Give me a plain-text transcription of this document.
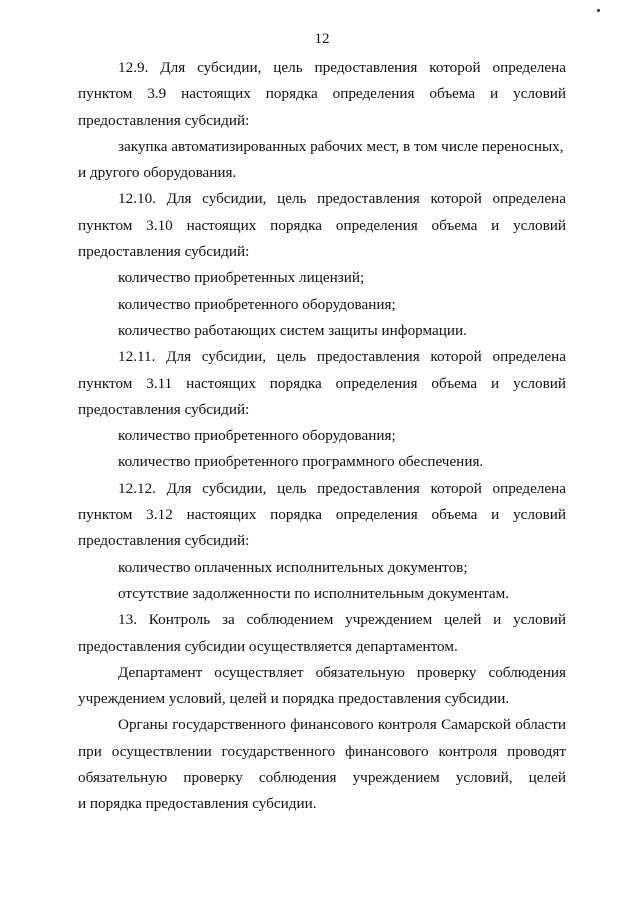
12

12.9. Для субсидии, цель предоставления которой определена

пунктом 3.9 настоящих порядка определения объема и условий

предоставления субсидий:

закупка автоматизированных рабочих мест, в том числе переносных,

и другого оборудования.

12.10. Для субсидии, цель предоставления которой определена

пунктом 3.10 настоящих порядка определения объема и условий

предоставления субсидий:

количество приобретенных лицензий;

количество приобретенного оборудования;

количество работающих систем защиты информации.

12.11. Для субсидии, цель предоставления которой определена

пунктом 3.11 настоящих порядка определения объема и условий

предоставления субсидий:

количество приобретенного оборудования;

количество приобретенного программного обеспечения.

12.12. Для субсидии, цель предоставления которой определена

пунктом 3.12 настоящих порядка определения объема и условий

предоставления субсидий:

количество оплаченных исполнительных документов;

отсутствие задолженности по исполнительным документам.

13. Контроль за соблюдением учреждением целей и условий

предоставления субсидии осуществляется департаментом.

Департамент осуществляет обязательную проверку соблюдения

учреждением условий, целей и порядка предоставления субсидии.

Органы государственного финансового контроля Самарской области

при осуществлении государственного финансового контроля проводят

обязательную проверку соблюдения учреждением условий, целей

и порядка предоставления субсидии.
